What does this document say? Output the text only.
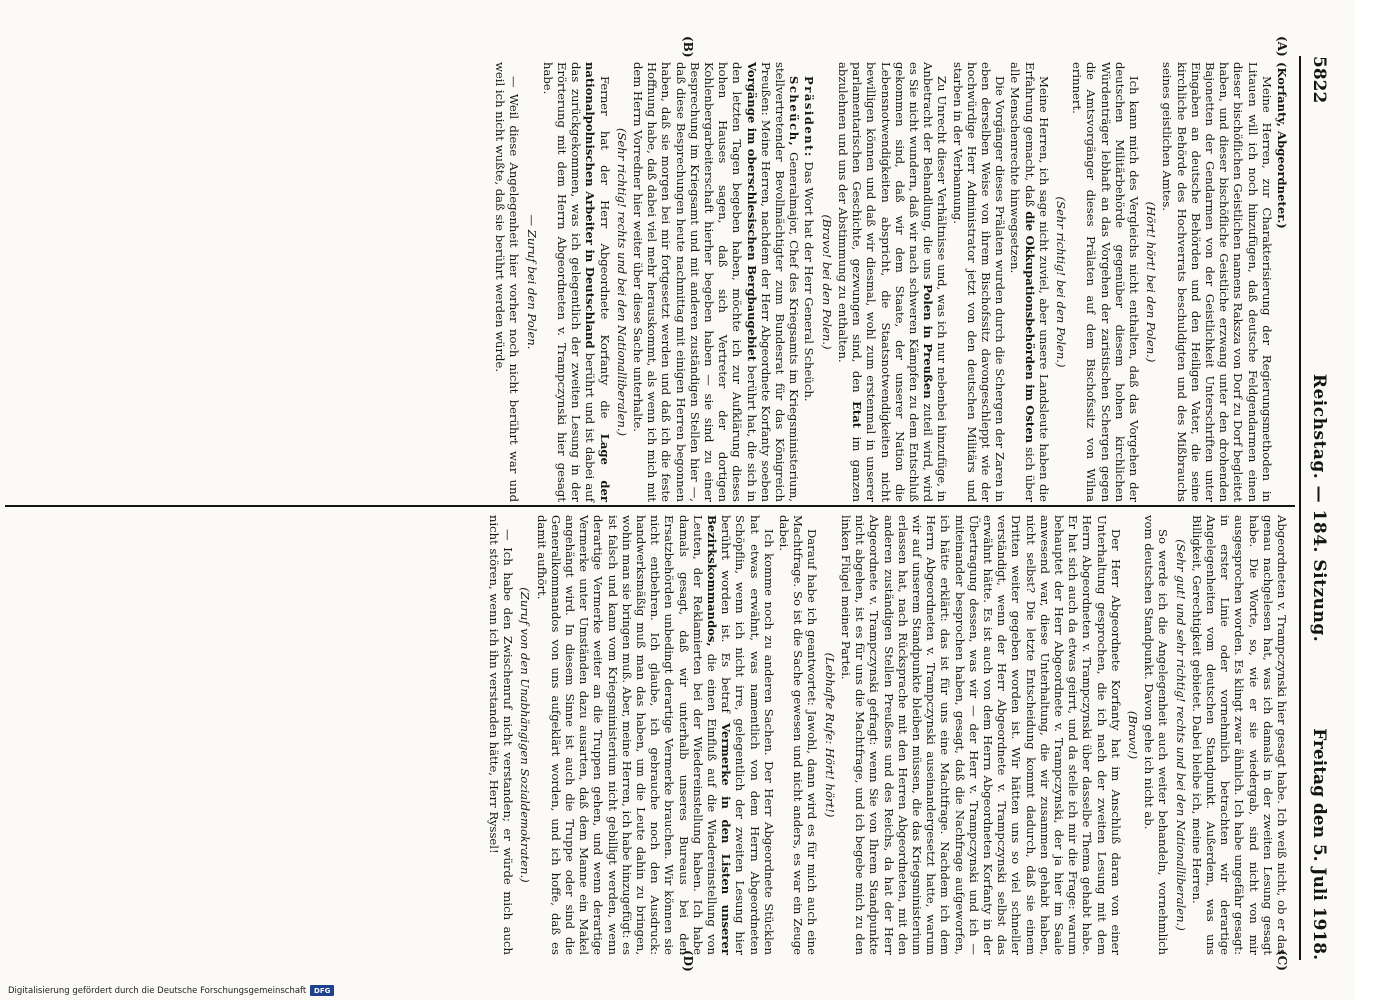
5822
Reichstag. — 184. Sitzung.
Freitag den 5. Juli 1918.
(A)
(B)
(C)
(D)

(Korfanty, Abgeordneter.)

Meine Herren, zur Charakterisierung der Regierungsmethoden in Litauen will ich noch hinzufügen, daß deutsche Feldgendarmen einen dieser bischöflichen Geistlichen namens Raksza von Dorf zu Dorf begleitet haben, und dieser bischöfliche Geistliche erzwang unter den drohenden Bajonetten der Gendarmen von der Geistlichkeit Unterschriften unter Eingaben an deutsche Behörden und den Heiligen Vater, die seine kirchliche Behörde des Hochverrats beschuldigten und des Mißbrauchs seines geistlichen Amtes.

(Hört! hört! bei den Polen.)

Ich kann mich des Vergleichs nicht enthalten, daß das Vorgehen der deutschen Militärbehörde gegenüber diesem hohen kirchlichen Würdenträger lebhaft an das Vorgehen der zaristischen Schergen gegen die Amtsvorgänger dieses Prälaten auf dem Bischofssitz von Wilna erinnert.

(Sehr richtig! bei den Polen.)

Meine Herren, ich sage nicht zuviel, aber unsere Landsleute haben die Erfahrung gemacht, daß die Okkupationsbehörden im Osten sich über alle Menschenrechte hinwegsetzen.

Die Vorgänger dieses Prälaten wurden durch die Schergen der Zaren in eben derselben Weise von ihrem Bischofssitz davongeschleppt wie der hochwürdige Herr Administrator jetzt von den deutschen Militärs und starben in der Verbannung.

Zu Unrecht dieser Verhältnisse und, was ich nur nebenbei hinzufüge, in Anbetracht der Behandlung, die uns Polen in Preußen zuteil wird, wird es Sie nicht wundern, daß wir nach schweren Kämpfen zu dem Entschluß gekommen sind, daß wir dem Staate, der unserer Nation die Lebensnotwendigkeiten abspricht, die Staatsnotwendigkeiten nicht bewilligen können und daß wir diesmal, wohl zum erstenmal in unserer parlamentarischen Geschichte, gezwungen sind, den Etat im ganzen abzulehnen und uns der Abstimmung zu enthalten.

(Bravo! bei den Polen.)

Präsident: Das Wort hat der Herr General Scheüch.

Scheüch, Generalmajor, Chef des Kriegsamts im Kriegsministerium, stellvertretender Bevollmächtigter zum Bundesrat für das Königreich Preußen: Meine Herren, nachdem der Herr Abgeordnete Korfanty soeben Vorgänge im oberschlesischen Bergbaugebiet berührt hat, die sich in den letzten Tagen begeben haben, möchte ich zur Aufklärung dieses hohen Hauses sagen, daß sich Vertreter der dortigen Kohlenbergarbeiterschaft hierher begeben haben — sie sind zu einer Besprechung im Kriegsamt und mit anderen zuständigen Stellen hier —, daß diese Besprechungen heute nachmittag mit einigen Herren begonnen haben, daß sie morgen bei mir fortgesetzt werden und daß ich die feste Hoffnung habe, daß dabei viel mehr herauskommt, als wenn ich mich mit dem Herrn Vorredner hier weiter über diese Sache unterhalte.

(Sehr richtig! rechts und bei den Nationalliberalen.)

Ferner hat der Herr Abgeordnete Korfanty die Lage der nationalpolnischen Arbeiter in Deutschland berührt und ist dabei auf das zurückgekommen, was ich gelegentlich der zweiten Lesung in der Erörterung mit dem Herrn Abgeordneten v. Trampczynski hier gesagt habe.

— Zuruf bei den Polen.

— Weil diese Angelegenheit hier vorher noch nicht berührt war und weil ich nicht wußte, daß sie berührt werden würde.

Abgeordneten v. Trampczynski hier gesagt habe. Ich weiß nicht, ob er das genau nachgelesen hat, was ich damals in der zweiten Lesung gesagt habe. Die Worte, so, wie er sie wiedergab, sind nicht von mir ausgesprochen worden. Es klingt zwar ähnlich. Ich habe ungefähr gesagt: in erster Linie oder vornehmlich betrachten wir derartige Angelegenheiten vom deutschen Standpunkt. Außerdem, was uns Billigkeit, Gerechtigkeit gebietet. Dabei bleibe ich, meine Herren.

(Sehr gut! und sehr richtig! rechts und bei den Nationalliberalen.)

So werde ich die Angelegenheit auch weiter behandeln, vornehmlich vom deutschen Standpunkt. Davon gehe ich nicht ab.

(Bravo!)

Der Herr Abgeordnete Korfanty hat im Anschluß daran von einer Unterhaltung gesprochen, die ich nach der zweiten Lesung mit dem Herrn Abgeordneten v. Trampczynski über dasselbe Thema gehabt habe. Er hat sich auch da etwas geirrt, und da stelle ich mir die Frage: warum behauptet der Herr Abgeordnete v. Trampczynski, der ja hier im Saale anwesend war, diese Unterhaltung, die wir zusammen gehabt haben, nicht selbst? Die letzte Entscheidung kommt dadurch, daß sie einem Dritten weiter gegeben worden ist. Wir hätten uns so viel schneller verständigt, wenn der Herr Abgeordnete v. Trampczynski selbst das erwähnt hätte. Es ist auch von dem Herrn Abgeordneten Korfanty in der Übertragung dessen, was wir — der Herr v. Trampczynski und ich — miteinander besprochen haben, gesagt, daß die Nachfrage aufgeworfen, ich hätte erklärt: das ist für uns eine Machtfrage. Nachdem ich dem Herrn Abgeordneten v. Trampczynski auseinandergesetzt hatte, warum wir auf unserem Standpunkte bleiben müssen, die das Kriegsministerium erlassen hat, nach Rücksprache mit den Herren Abgeordneten, mit den anderen zuständigen Stellen Preußens und des Reichs, da hat der Herr Abgeordnete v. Trampczynski gefragt: wenn Sie von Ihrem Standpunkte nicht abgehen, ist es für uns die Machtfrage, und ich begebe mich zu den linken Flügel meiner Partei.

(Lebhafte Rufe: Hört! hört!)

Darauf habe ich geantwortet: Jawohl, dann wird es für mich auch eine Machtfrage. So ist die Sache gewesen und nicht anders, es war ein Zeuge dabei.

Ich komme noch zu anderen Sachen. Der Herr Abgeordnete Stücklen hat etwas erwähnt, was namentlich von dem Herrn Abgeordneten Schöpflin, wenn ich nicht irre, gelegentlich der zweiten Lesung hier berührt worden ist. Es betraf Vermerke in den Listen unserer Bezirkskommandos, die einen Einfluß auf die Wiedereinstellung von Leuten, der Reklamierten bei der Wiedereinstellung haben. Ich habe damals gesagt, daß wir unterhalb unseres Bureaus bei den Ersatzbehörden unbedingt derartige Vermerke brauchen. Wir können sie nicht entbehren. Ich glaube, ich gebrauche noch den Ausdruck: handwerksmäßig muß man das haben, um die Leute dahin zu bringen, wohin man sie bringen muß. Aber, meine Herren, ich habe hinzugefügt: es ist falsch und kann vom Kriegsministerium nicht gebilligt werden, wenn derartige Vermerke weiter an die Truppen gehen, und wenn derartige Vermerke unter Umständen dazu ausarten, daß dem Manne ein Makel angehängt wird. In diesem Sinne ist auch die Truppe oder sind die Generalkommandos von uns aufgeklärt worden, und ich hoffe, daß es damit aufhört.

(Zuruf von den Unabhängigen Sozialdemokraten.)

— Ich habe den Zwischenruf nicht verstanden; er würde mich auch nicht stören, wenn ich ihn verstanden hätte, Herr Ryssel!

Digitalisierung gefördert durch die Deutsche Forschungsgemeinschaft	DFG
